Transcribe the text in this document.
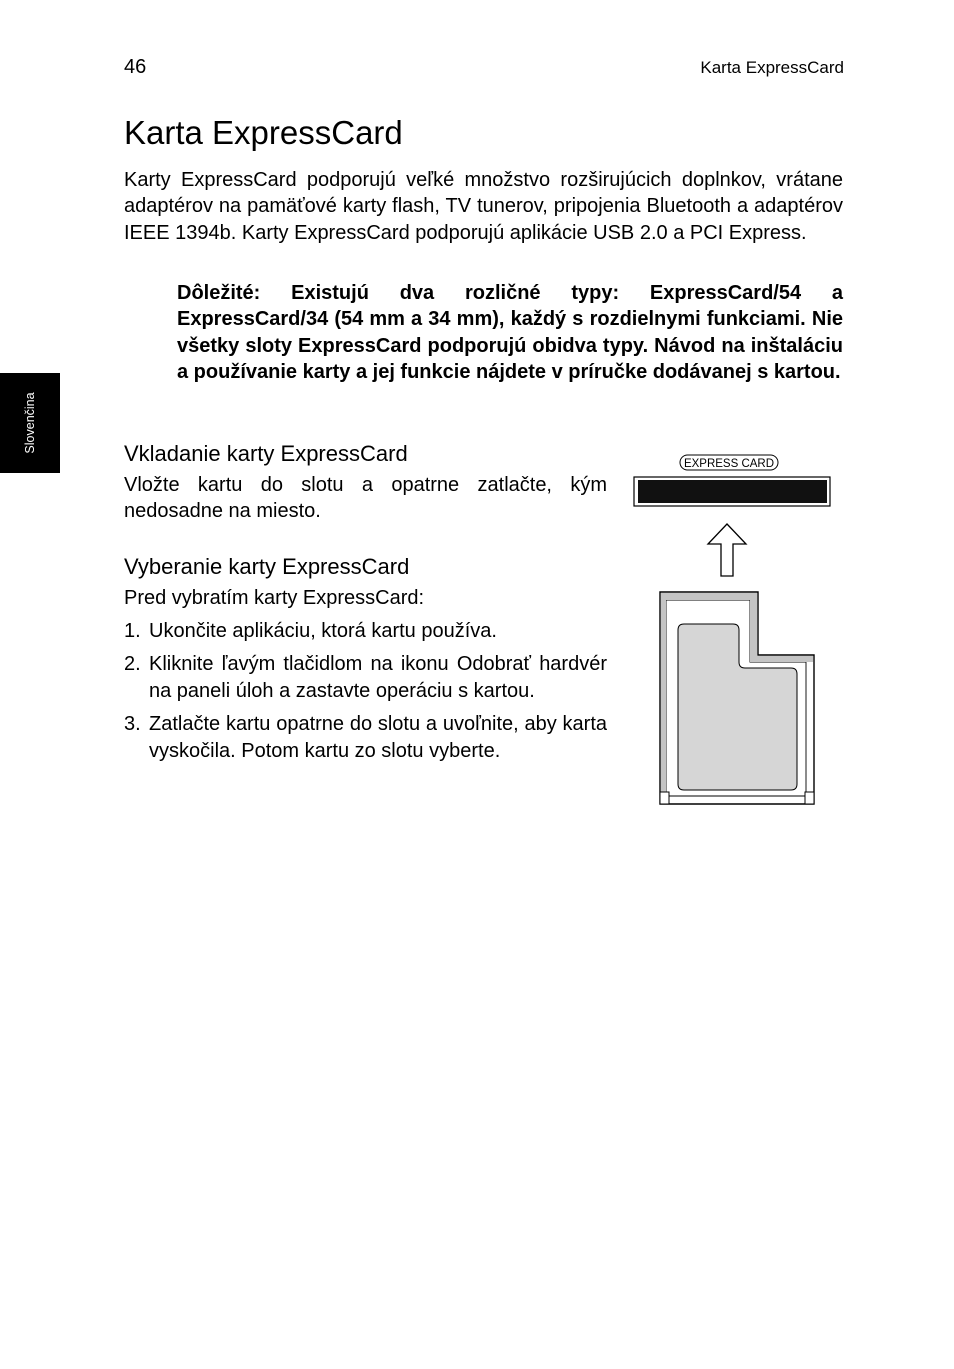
46	Karta ExpressCard
Slovenčina
Karta ExpressCard

Karty ExpressCard podporujú veľké množstvo rozširujúcich doplnkov, vrátane adaptérov na pamäťové karty flash, TV tunerov, pripojenia Bluetooth a adaptérov IEEE 1394b. Karty ExpressCard podporujú aplikácie USB 2.0 a PCI Express.

Dôležité: Existujú dva rozličné typy: ExpressCard/54 a ExpressCard/34 (54 mm a 34 mm), každý s rozdielnymi funkciami. Nie všetky sloty ExpressCard podporujú obidva typy. Návod na inštaláciu a používanie karty a jej funkcie nájdete v príručke dodávanej s kartou.

Vkladanie karty ExpressCard

Vložte kartu do slotu a opatrne zatlačte, kým nedosadne na miesto.

Vyberanie karty ExpressCard

Pred vybratím karty ExpressCard:

1. Ukončite aplikáciu, ktorá kartu používa.
2. Kliknite ľavým tlačidlom na ikonu Odobrať hardvér na paneli úloh a zastavte operáciu s kartou.
3. Zatlačte kartu opatrne do slotu a uvoľnite, aby karta vyskočila. Potom kartu zo slotu vyberte.
EXPRESS CARD
